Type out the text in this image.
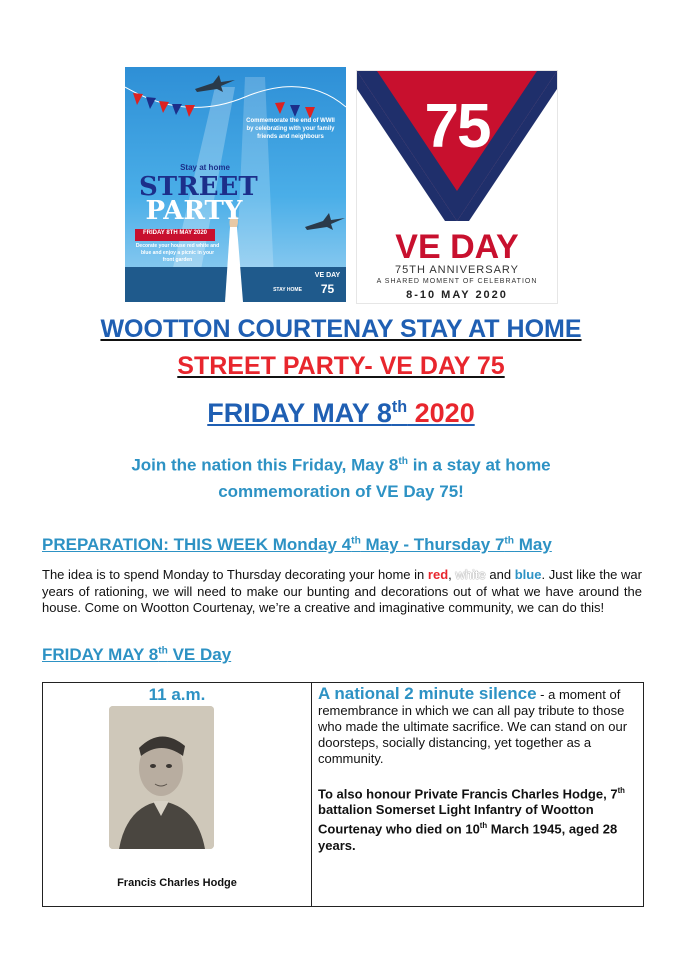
Commemorate the end of WWII by celebrating with your family friends and neighbours
Stay at home
STREET
PARTY
FRIDAY 8TH MAY 2020
Decorate your house red white and blue and enjoy a picnic in your front garden
STAY HOME
VE DAY
75
75
VE DAY
75TH ANNIVERSARY
A SHARED MOMENT OF CELEBRATION
8-10 MAY 2020
WOOTTON COURTENAY STAY AT HOME
STREET PARTY- VE DAY 75
FRIDAY MAY 8th 2020
Join the nation this Friday, May 8th in a stay at home
commemoration of VE Day 75!
PREPARATION: THIS WEEK Monday 4th May - Thursday 7th May
The idea is to spend Monday to Thursday decorating your home in red, white and blue. Just like the war years of rationing, we will need to make our bunting and decorations out of what we have around the house. Come on Wootton Courtenay, we’re a creative and imaginative community, we can do this!
FRIDAY MAY 8th VE Day
11 a.m.
Francis Charles Hodge

A national 2 minute silence - a moment of remembrance in which we can all pay tribute to those who made the ultimate sacrifice. We can stand on our doorsteps, socially distancing, yet together as a community.

To also honour Private Francis Charles Hodge, 7th battalion Somerset Light Infantry of Wootton Courtenay who died on 10th March 1945, aged 28 years.
